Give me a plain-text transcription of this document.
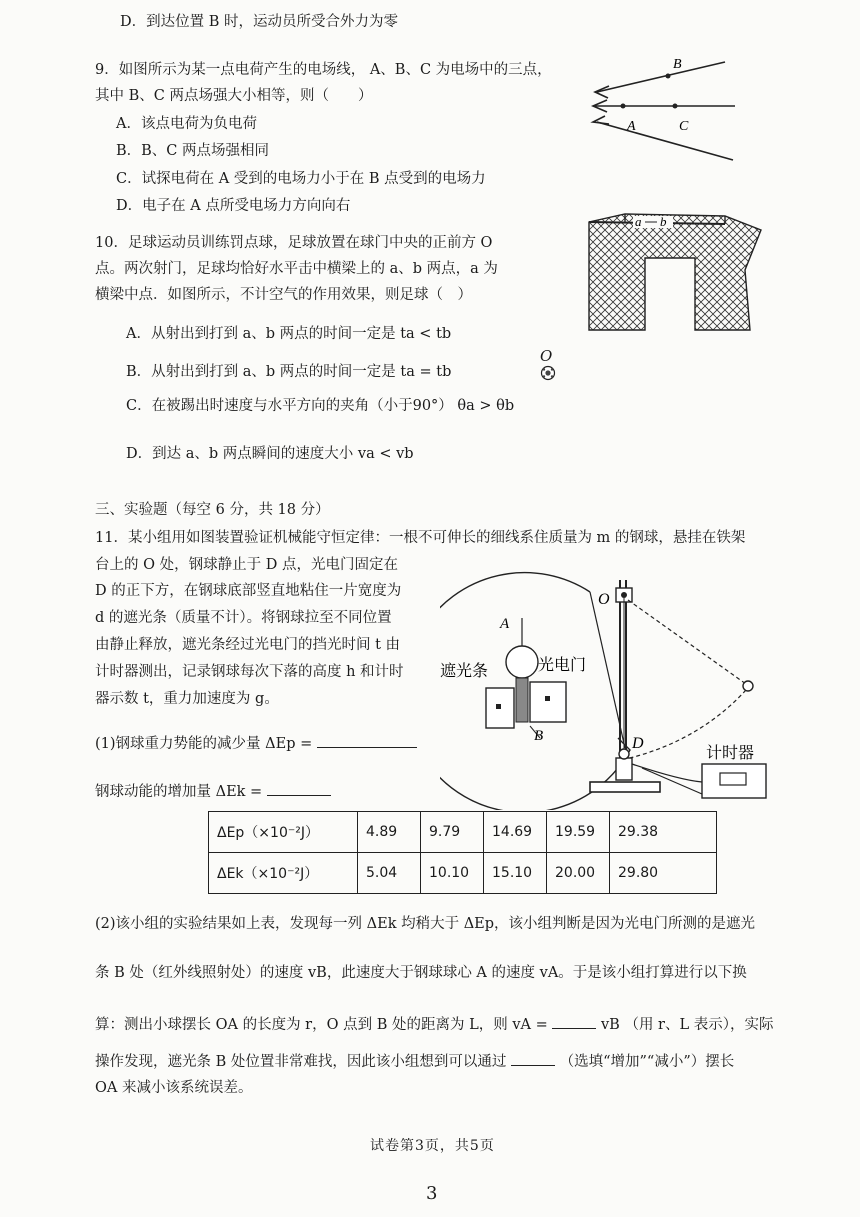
D．到达位置 B 时，运动员所受合外力为零
9．如图所示为某一点电荷产生的电场线， A、B、C 为电场中的三点，
其中 B、C 两点场强大小相等，则（　　）
A．该点电荷为负电荷
B．B、C 两点场强相同
C．试探电荷在 A 受到的电场力小于在 B 点受到的电场力
D．电子在 A 点所受电场力方向向右
B
A	C
10．足球运动员训练罚点球，足球放置在球门中央的正前方 O
点。两次射门，足球均恰好水平击中横梁上的 a、b 两点，a 为
横梁中点．如图所示，不计空气的作用效果，则足球（　）
A．从射出到打到 a、b 两点的时间一定是 ta < tb
B．从射出到打到 a、b 两点的时间一定是 ta = tb
C．在被踢出时速度与水平方向的夹角（小于90°） θa > θb
D．到达 a、b 两点瞬间的速度大小 va < vb
a b
O
三、实验题（每空 6 分，共 18 分）
11．某小组用如图装置验证机械能守恒定律：一根不可伸长的细线系住质量为 m 的钢球，悬挂在铁架
台上的 O 处，钢球静止于 D 点，光电门固定在
D 的正下方，在钢球底部竖直地粘住一片宽度为
d 的遮光条（质量不计）。将钢球拉至不同位置
由静止释放，遮光条经过光电门的挡光时间 t 由
计时器测出，记录钢球每次下落的高度 h 和计时
器示数 t，重力加速度为 g。
(1)钢球重力势能的减少量 ΔEp =
钢球动能的增加量 ΔEk =
A
B
遮光条	光电门
O
D	计时器
ΔEp（×10⁻²J）	4.89	9.79	14.69	19.59	29.38
ΔEk（×10⁻²J）	5.04	10.10	15.10	20.00	29.80
(2)该小组的实验结果如上表，发现每一列 ΔEk 均稍大于 ΔEp，该小组判断是因为光电门所测的是遮光
条 B 处（红外线照射处）的速度 vB，此速度大于钢球球心 A 的速度 vA。于是该小组打算进行以下换
算：测出小球摆长 OA 的长度为 r，O 点到 B 处的距离为 L，则 vA =	vB （用 r、L 表示），实际
操作发现，遮光条 B 处位置非常难找，因此该小组想到可以通过	（选填“增加”“减小”）摆长
OA 来减小该系统误差。
试卷第3页，共5页
3
